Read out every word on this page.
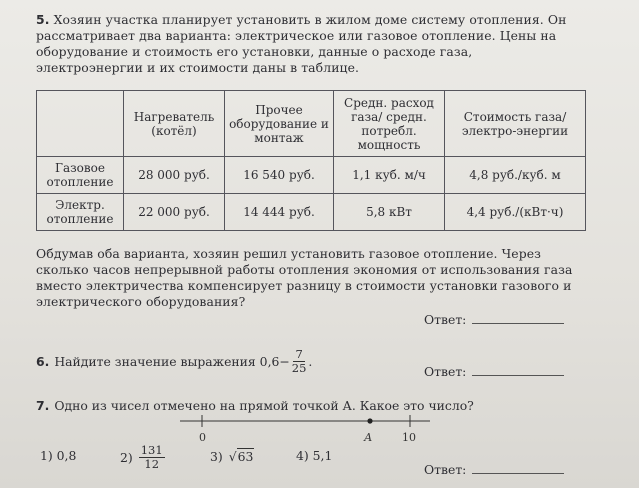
5. Хозяин участка планирует установить в жилом доме систему отопления. Он рассматривает два варианта: электрическое или газовое отопление. Цены на оборудование и стоимость его установки, данные о расходе газа, электроэнергии и их стоимости даны в таблице.
	Нагреватель (котёл)	Прочее оборудование и монтаж	Средн. расход газа/ средн. потребл. мощность	Стоимость газа/электро-энергии
Газовое отопление	28 000 руб.	16 540 руб.	1,1 куб. м/ч	4,8 руб./куб. м
Электр. отопление	22 000 руб.	14 444 руб.	5,8 кВт	4,4 руб./(кВт·ч)
Обдумав оба варианта, хозяин решил установить газовое отопление. Через сколько часов непрерывной работы отопления экономия от использования газа вместо электричества компенсирует разницу в стоимости установки газового и электрического оборудования?
Ответ:
6. Найдите значение выражения $0,6- \frac{7}{25}$ .
Ответ:
7. Одно из чисел отмечено на прямой точкой А. Какое это число?
0	А	10
1) 0,8	$2) \frac{131}{12}$	3) √ 63	4) 5,1
Ответ:
